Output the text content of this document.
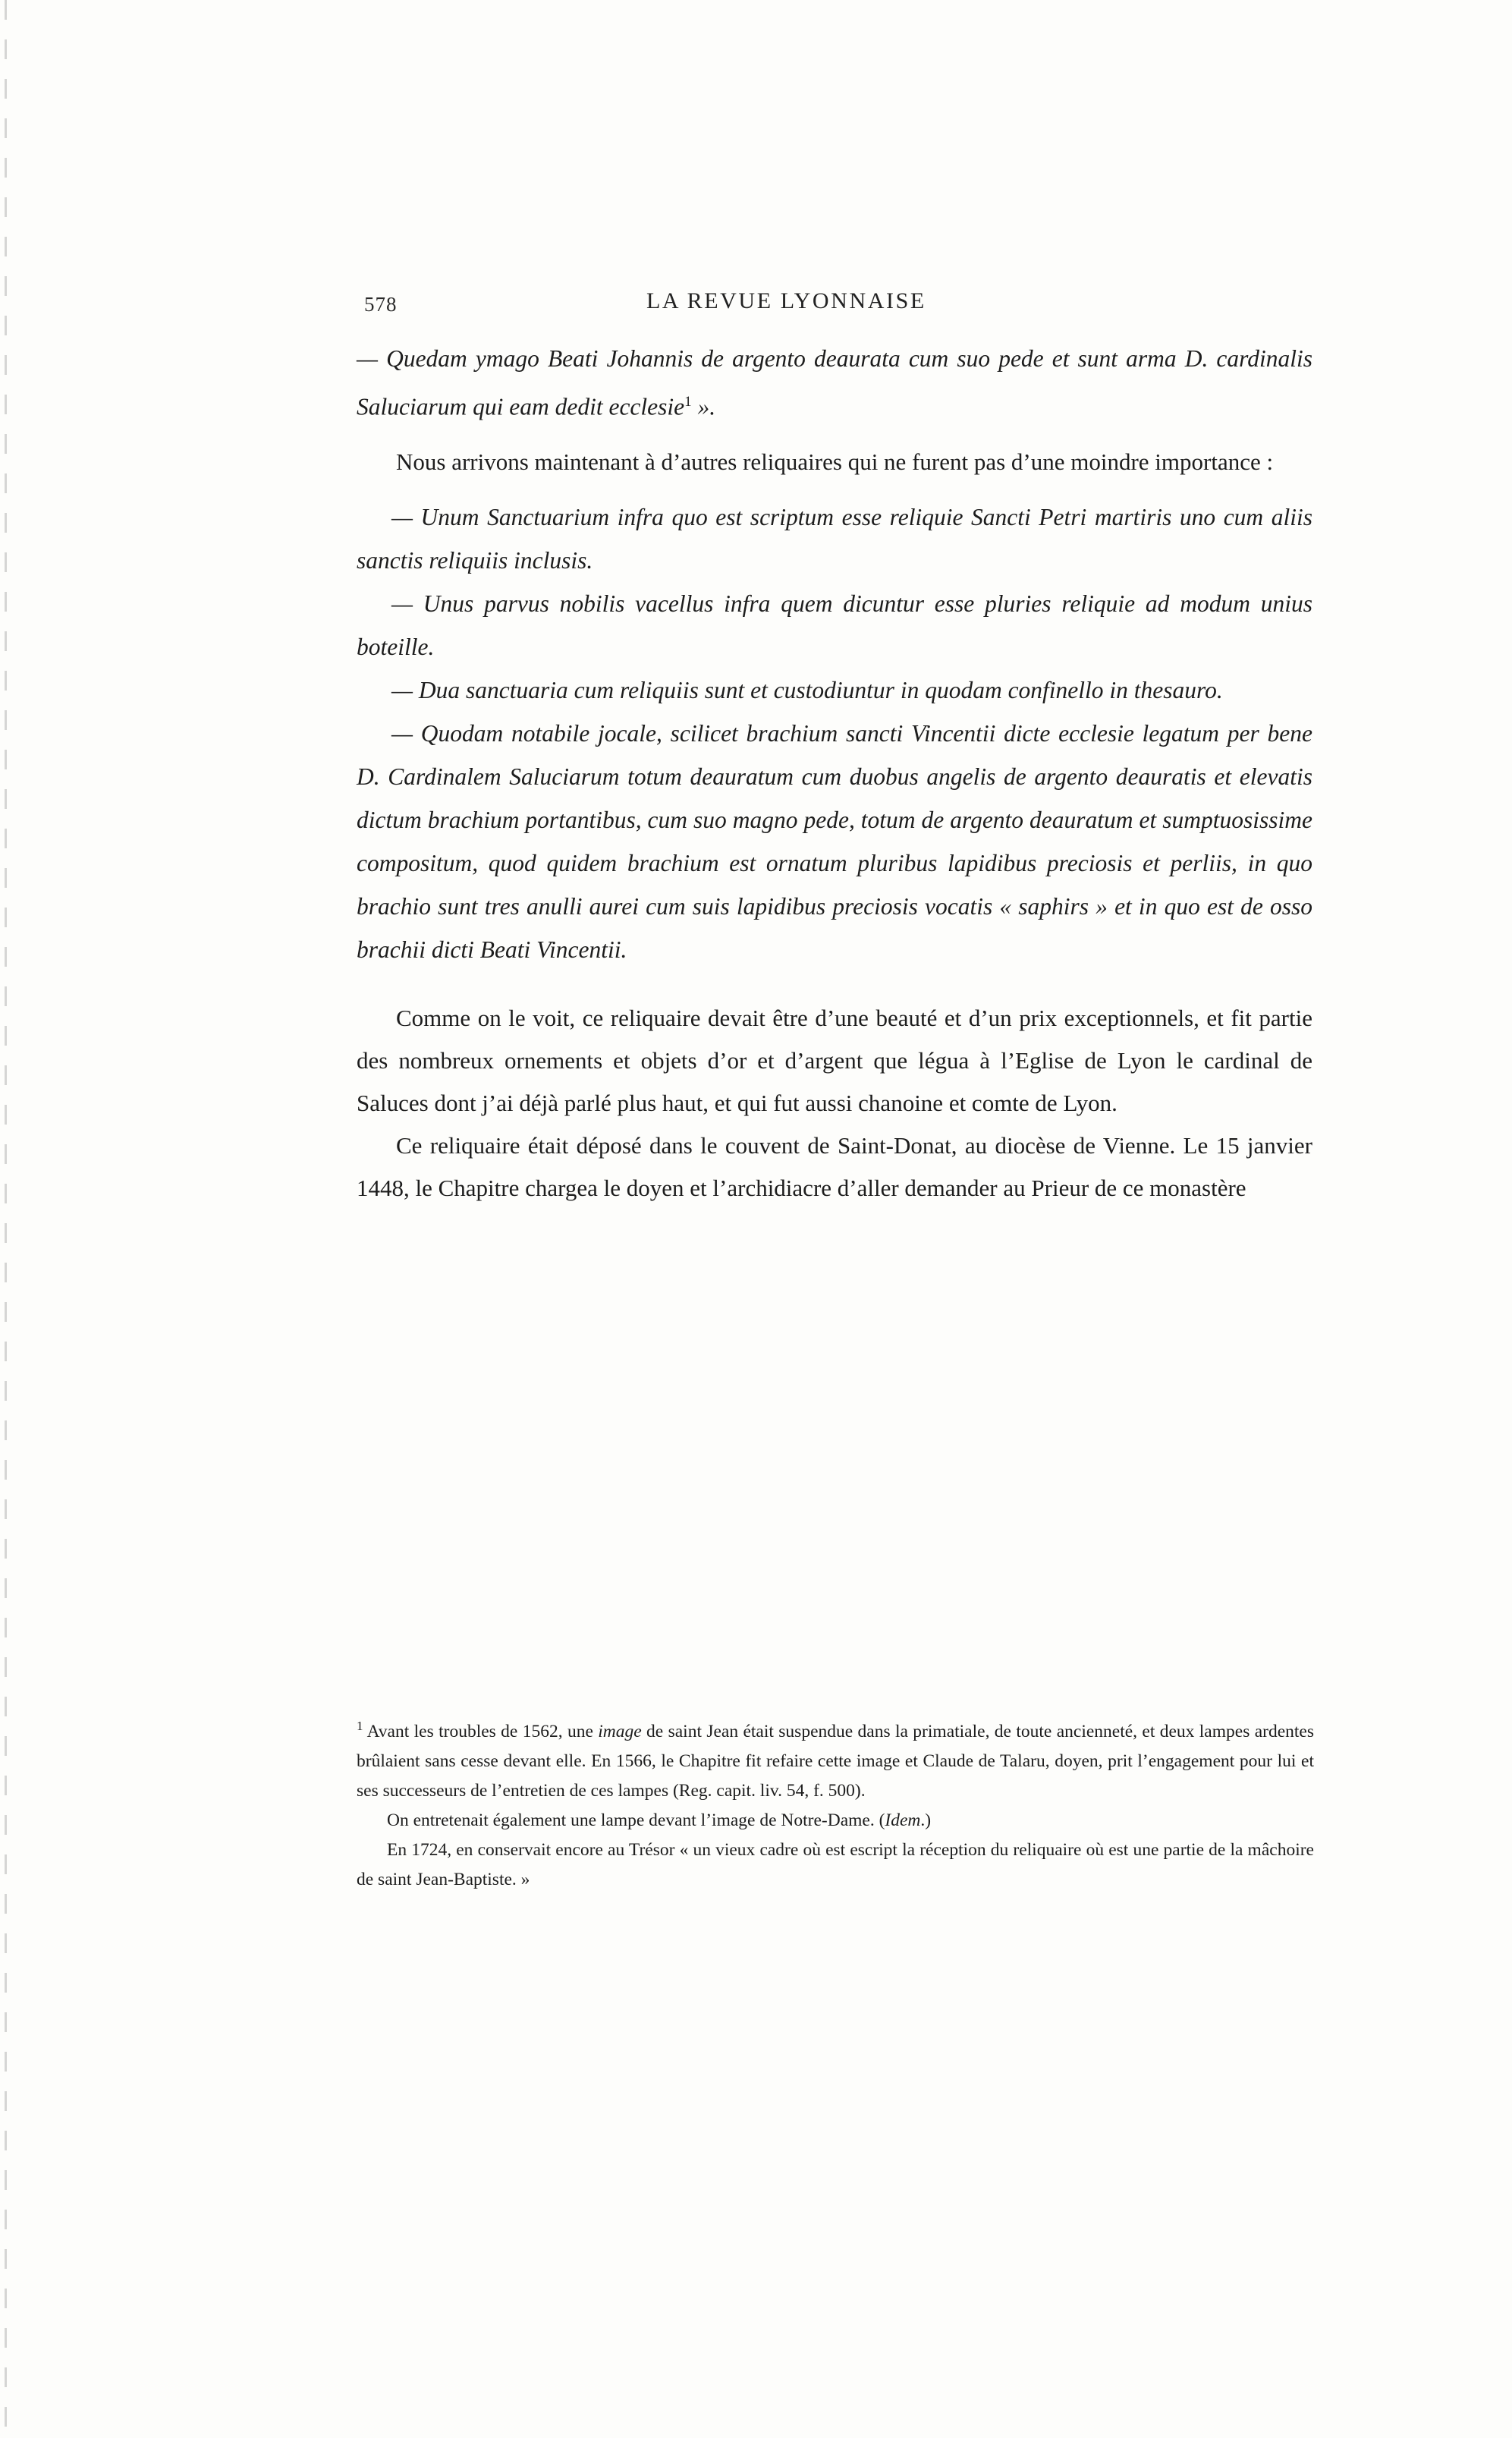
578	LA REVUE LYONNAISE

— Quedam ymago Beati Johannis de argento deaurata cum suo pede et sunt arma D. cardinalis Saluciarum qui eam dedit ecclesie$^1$ ».

Nous arrivons maintenant à d’autres reliquaires qui ne furent pas d’une moindre importance :

— Unum Sanctuarium infra quo est scriptum esse reliquie Sancti Petri martiris uno cum aliis sanctis reliquiis inclusis.

— Unus parvus nobilis vacellus infra quem dicuntur esse pluries reliquie ad modum unius boteille.

— Dua sanctuaria cum reliquiis sunt et custodiuntur in quodam confinello in thesauro.

— Quodam notabile jocale, scilicet brachium sancti Vincentii dicte ecclesie legatum per bene D. Cardinalem Saluciarum totum deauratum cum duobus angelis de argento deauratis et elevatis dictum brachium portantibus, cum suo magno pede, totum de argento deauratum et sumptuosissime compositum, quod quidem brachium est ornatum pluribus lapidibus preciosis et perliis, in quo brachio sunt tres anulli aurei cum suis lapidibus preciosis vocatis « saphirs » et in quo est de osso brachii dicti Beati Vincentii.

Comme on le voit, ce reliquaire devait être d’une beauté et d’un prix exceptionnels, et fit partie des nombreux ornements et objets d’or et d’argent que légua à l’Eglise de Lyon le cardinal de Saluces dont j’ai déjà parlé plus haut, et qui fut aussi chanoine et comte de Lyon.

Ce reliquaire était déposé dans le couvent de Saint-Donat, au diocèse de Vienne. Le 15 janvier 1448, le Chapitre chargea le doyen et l’archidiacre d’aller demander au Prieur de ce monastère

$^1$ Avant les troubles de 1562, une image de saint Jean était suspendue dans la primatiale, de toute ancienneté, et deux lampes ardentes brûlaient sans cesse devant elle. En 1566, le Chapitre fit refaire cette image et Claude de Talaru, doyen, prit l’engagement pour lui et ses successeurs de l’entretien de ces lampes (Reg. capit. liv. 54, f. 500).

On entretenait également une lampe devant l’image de Notre-Dame. (Idem.)

En 1724, en conservait encore au Trésor « un vieux cadre où est escript la réception du reliquaire où est une partie de la mâchoire de saint Jean-Baptiste. »
